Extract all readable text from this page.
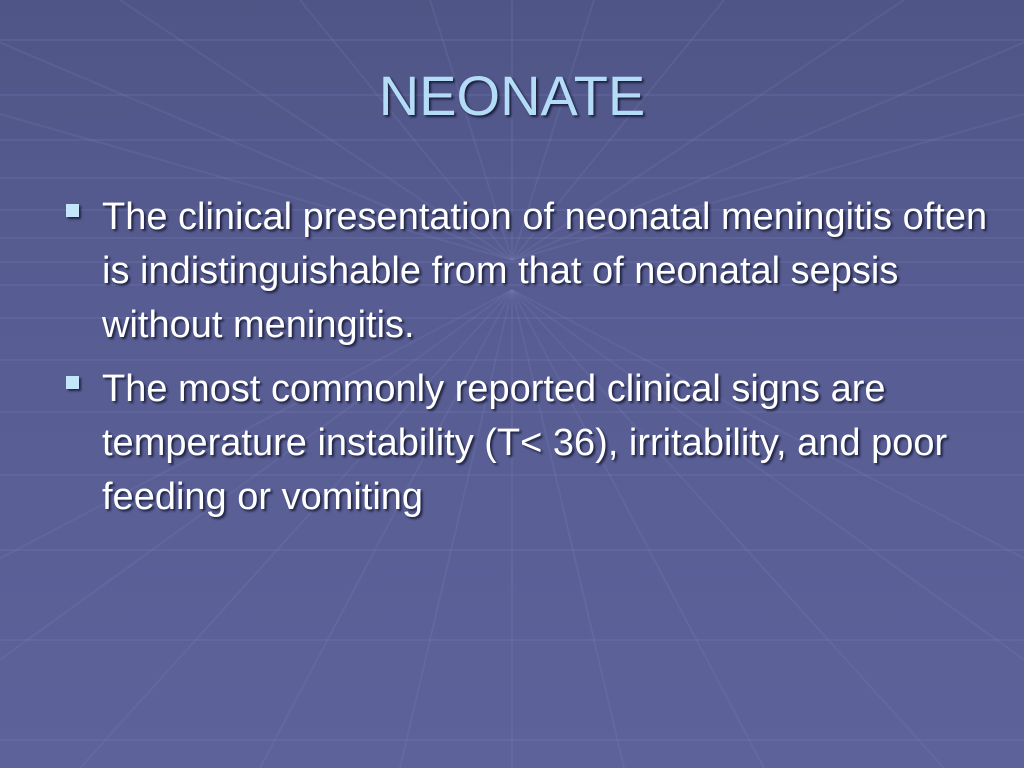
NEONATE
The clinical presentation of neonatal meningitis often is indistinguishable from that of neonatal sepsis without meningitis.
The most commonly reported clinical signs are temperature instability (T< 36), irritability, and poor feeding or vomiting
